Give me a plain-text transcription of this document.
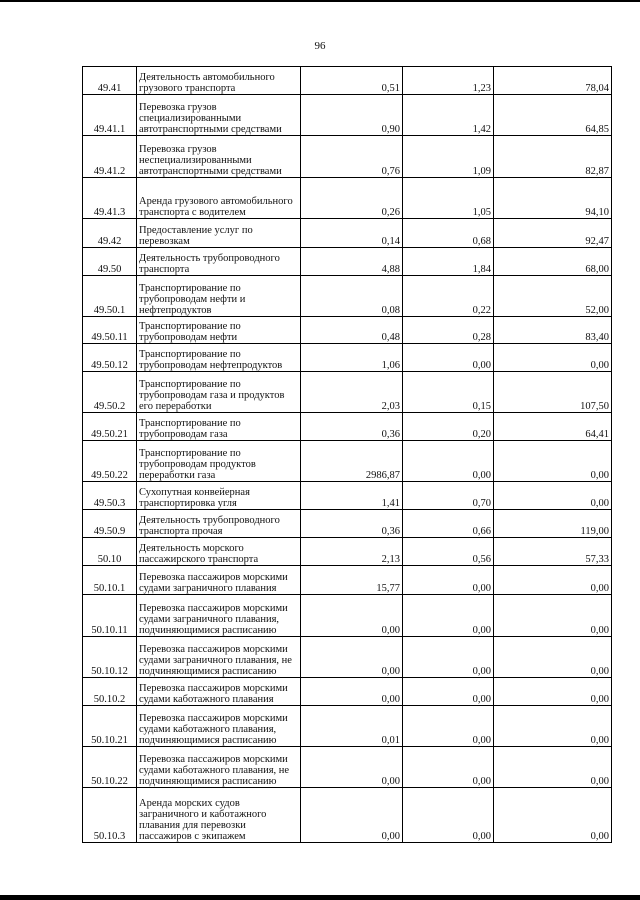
96
49.41	Деятельность автомобильного грузового транспорта	0,51	1,23	78,04
49.41.1	Перевозка грузов специализированными автотранспортными средствами	0,90	1,42	64,85
49.41.2	Перевозка грузов неспециализированными автотранспортными средствами	0,76	1,09	82,87
49.41.3	Аренда грузового автомобильного транспорта с водителем	0,26	1,05	94,10
49.42	Предоставление услуг по перевозкам	0,14	0,68	92,47
49.50	Деятельность трубопроводного транспорта	4,88	1,84	68,00
49.50.1	Транспортирование по трубопроводам нефти и нефтепродуктов	0,08	0,22	52,00
49.50.11	Транспортирование по трубопроводам нефти	0,48	0,28	83,40
49.50.12	Транспортирование по трубопроводам нефтепродуктов	1,06	0,00	0,00
49.50.2	Транспортирование по трубопроводам газа и продуктов его переработки	2,03	0,15	107,50
49.50.21	Транспортирование по трубопроводам газа	0,36	0,20	64,41
49.50.22	Транспортирование по трубопроводам продуктов переработки газа	2986,87	0,00	0,00
49.50.3	Сухопутная конвейерная транспортировка угля	1,41	0,70	0,00
49.50.9	Деятельность трубопроводного транспорта прочая	0,36	0,66	119,00
50.10	Деятельность морского пассажирского транспорта	2,13	0,56	57,33
50.10.1	Перевозка пассажиров морскими судами заграничного плавания	15,77	0,00	0,00
50.10.11	Перевозка пассажиров морскими судами заграничного плавания, подчиняющимися расписанию	0,00	0,00	0,00
50.10.12	Перевозка пассажиров морскими судами заграничного плавания, не подчиняющимися расписанию	0,00	0,00	0,00
50.10.2	Перевозка пассажиров морскими судами каботажного плавания	0,00	0,00	0,00
50.10.21	Перевозка пассажиров морскими судами каботажного плавания, подчиняющимися расписанию	0,01	0,00	0,00
50.10.22	Перевозка пассажиров морскими судами каботажного плавания, не подчиняющимися расписанию	0,00	0,00	0,00
50.10.3	Аренда морских судов заграничного и каботажного плавания для перевозки пассажиров с экипажем	0,00	0,00	0,00
